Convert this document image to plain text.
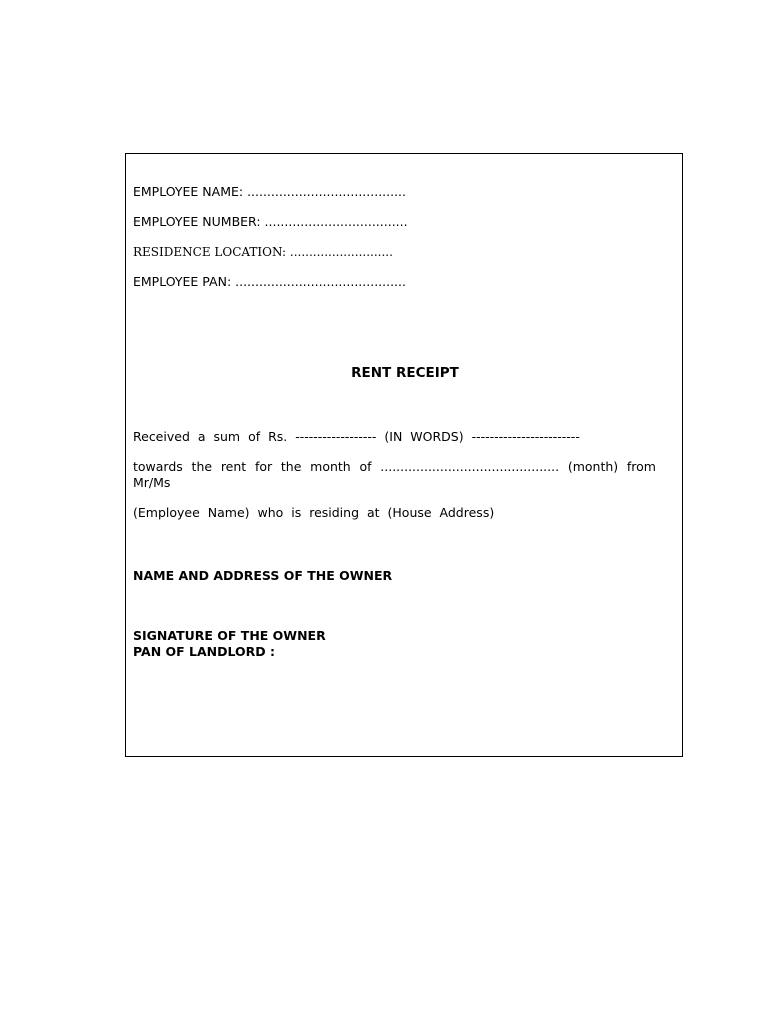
EMPLOYEE NAME: ........................................
EMPLOYEE NUMBER: ....................................
RESIDENCE LOCATION: ...........................
EMPLOYEE PAN: ...........................................
RENT RECEIPT
Received a sum of Rs. ------------------ (IN WORDS) ------------------------
towards the rent for the month of ............................................. (month) from Mr/Ms
(Employee Name) who is residing at (House Address)
NAME AND ADDRESS OF THE OWNER
SIGNATURE OF THE OWNER
PAN OF LANDLORD :
